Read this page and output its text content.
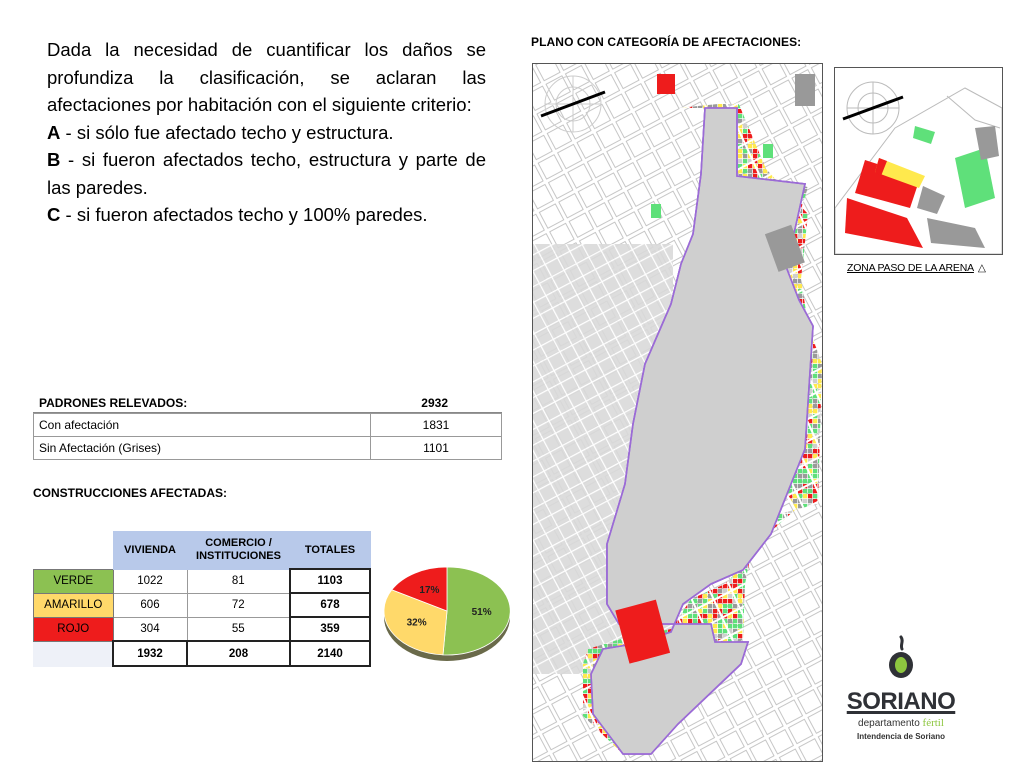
Dada la necesidad de cuantificar los daños se profundiza la clasificación, se aclaran las afectaciones por habitación con el siguiente criterio:

A - si sólo fue afectado techo y estructura.

B - si fueron afectados techo, estructura y parte de las paredes.

C - si fueron afectados techo y 100% paredes.

PLANO CON CATEGORÍA DE AFECTACIONES:
ZONA PASO DE LA ARENA △
PADRONES RELEVADOS:	2932
Con afectación	1831
Sin Afectación (Grises)	1101
CONSTRUCCIONES AFECTADAS:
	VIVIENDA	COMERCIO /
INSTITUCIONES	TOTALES
VERDE	1022	81	1103
AMARILLO	606	72	678
ROJO	304	55	359
	1932	208	2140
51%
32%
17%
SORIANO
departamento fértil
Intendencia de Soriano
